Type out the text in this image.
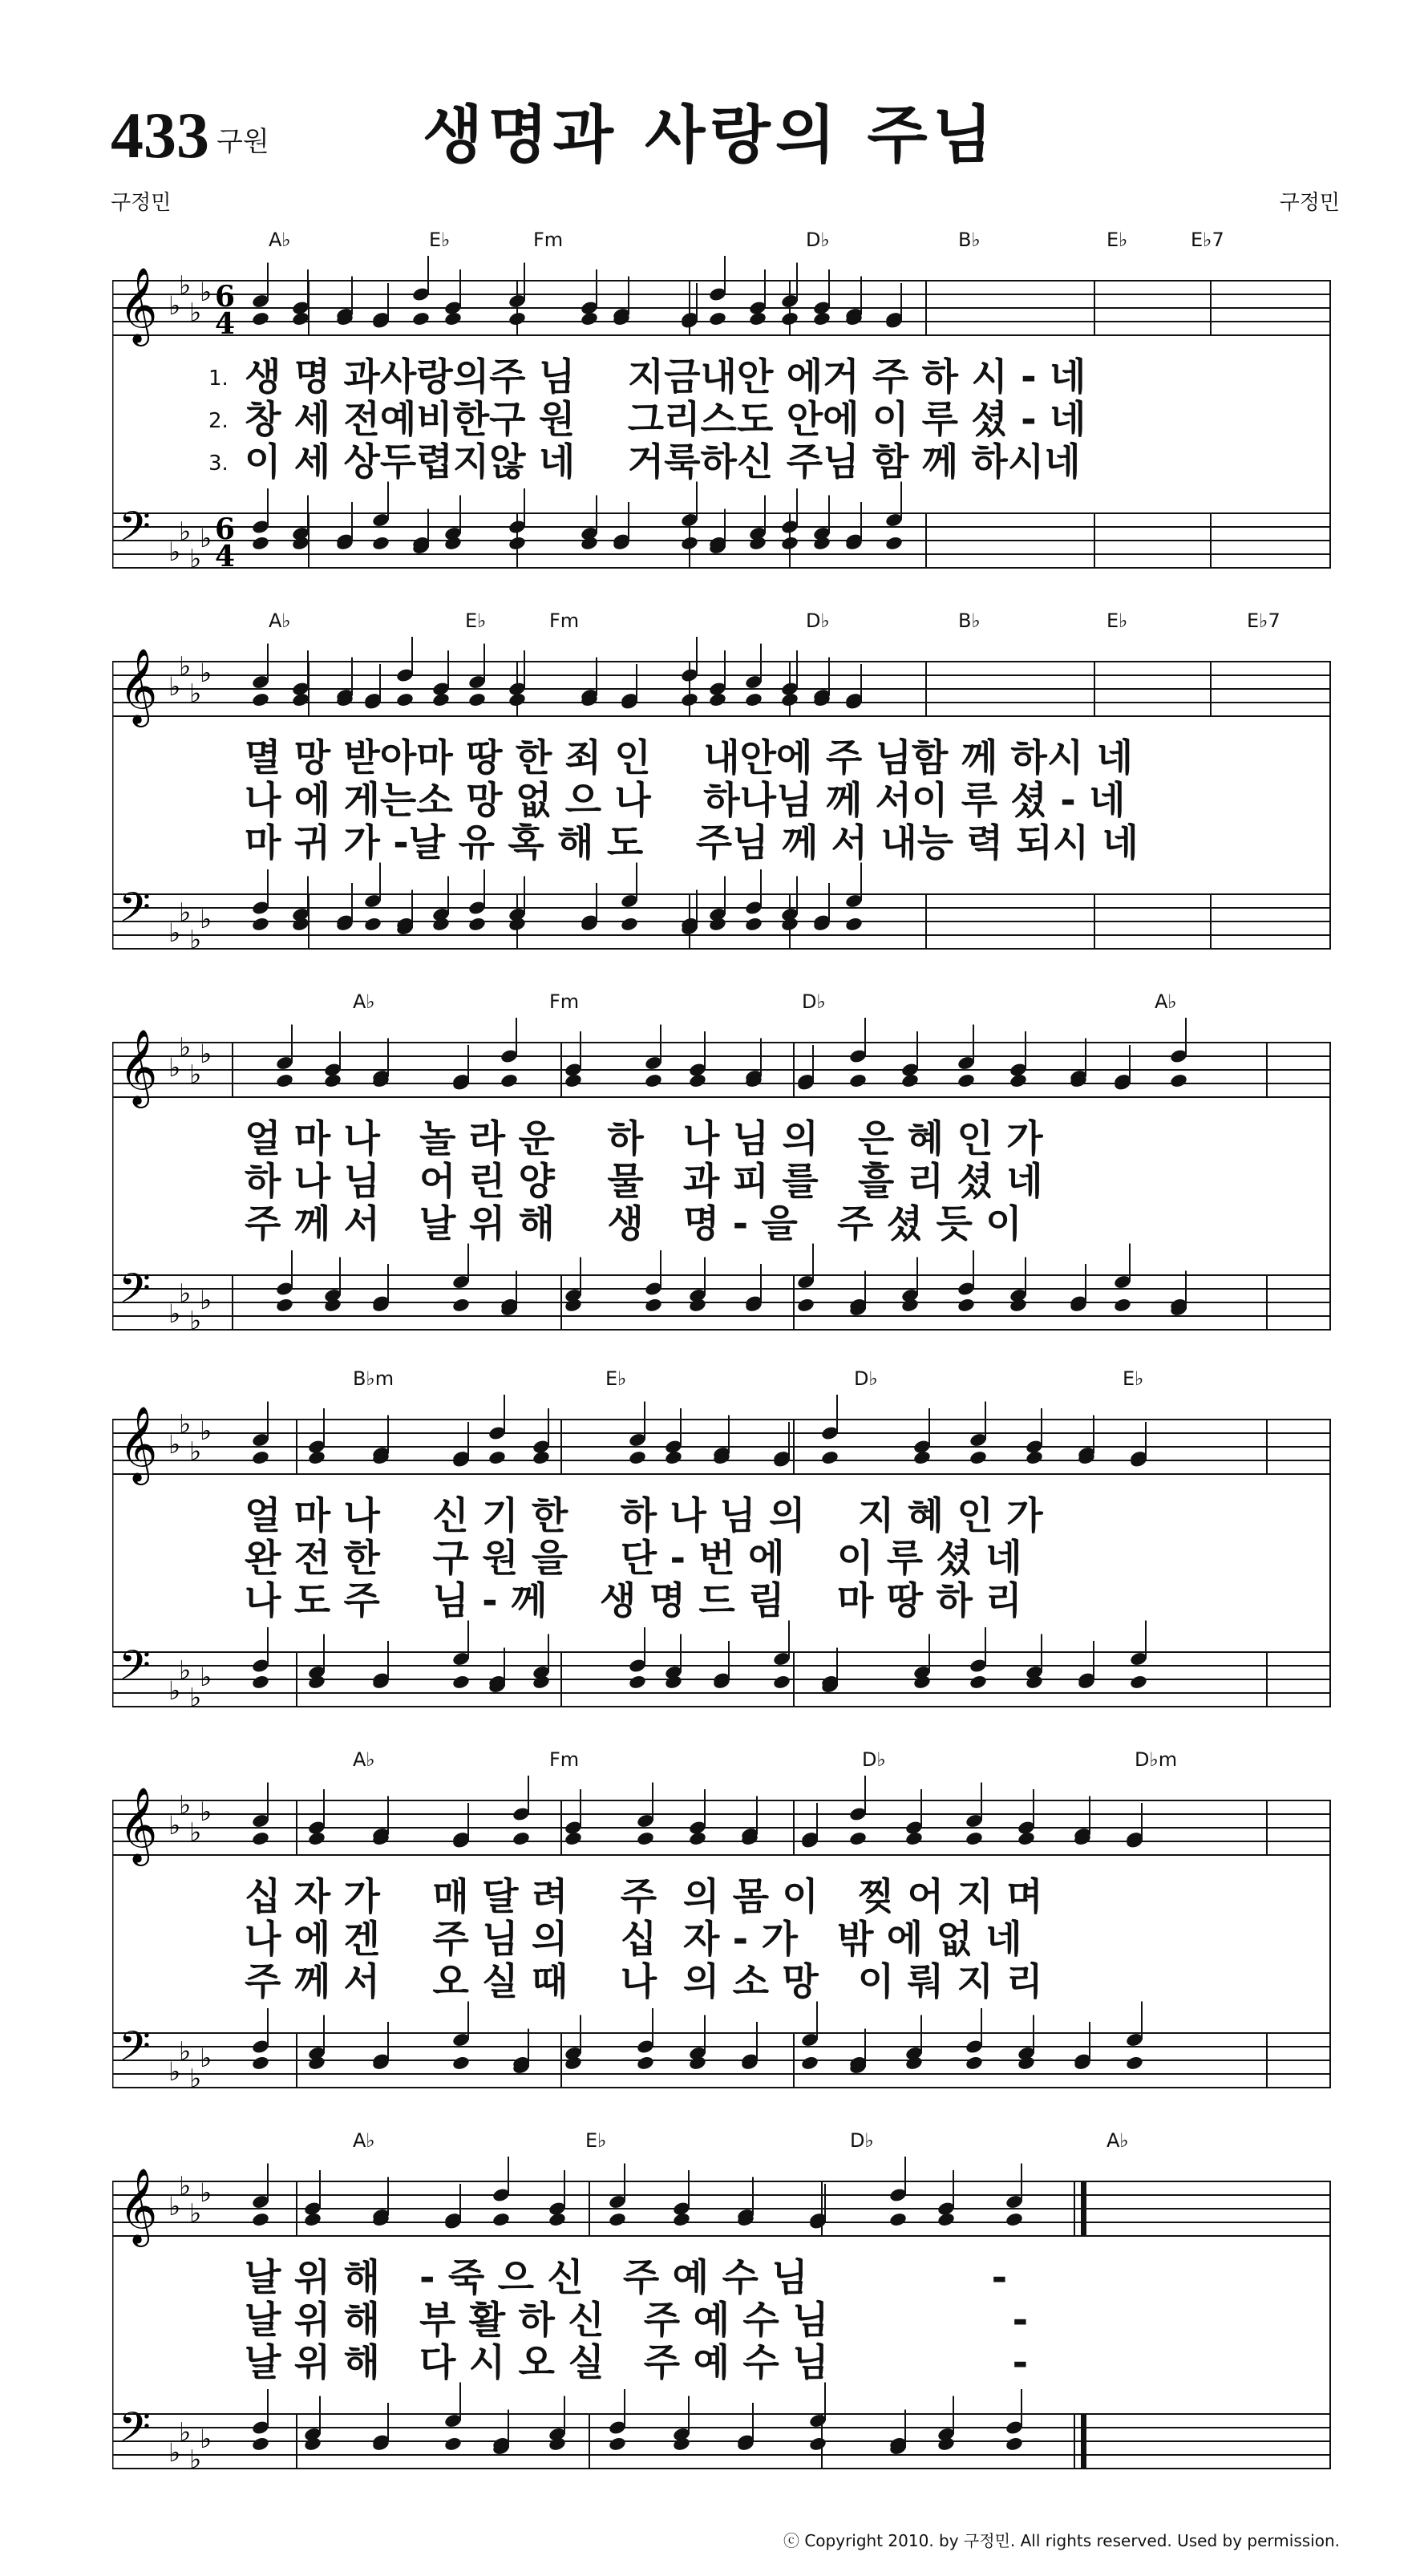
433 구원	생명과 사랑의 주님
구정민	구정민
𝄞
𝄢
♭
♭
♭
♭
♭
♭
♭
♭
6
4
6
4
A♭	E♭	Fm	D♭	B♭	E♭	E♭7
1. 생 명 과사랑의주 님    지금내안 에거 주 하 시 - 네
2. 창 세 전예비한구 원    그리스도 안에 이 루 셨 - 네
3. 이 세 상두렵지않 네    거룩하신 주님 함 께 하시네
𝄞
𝄢
♭
♭
♭
♭
♭
♭
♭
♭
A♭	E♭	Fm	D♭	B♭	E♭	E♭7
멸 망 받아마 땅 한 죄 인    내안에 주 님함 께 하시 네
나 에 게는소 망 없 으 나    하나님 께 서이 루 셨 - 네
마 귀 가 -날 유 혹 해 도    주님 께 서 내능 력 되시 네
𝄞
𝄢
♭
♭
♭
♭
♭
♭
♭
♭
A♭	Fm	D♭	A♭
얼 마 나   놀 라 운    하   나 님 의   은 혜 인 가
하 나 님   어 린 양    물   과 피 를   흘 리 셨 네
주 께 서   날 위 해    생   명 - 을   주 셨 듯 이
𝄞
𝄢
♭
♭
♭
♭
♭
♭
♭
♭
B♭m	E♭	D♭	E♭
얼 마 나    신 기 한    하 나 님 의    지 혜 인 가
완 전 한    구 원 을    단 - 번 에    이 루 셨 네
나 도 주    님 - 께    생 명 드 림    마 땅 하 리
𝄞
𝄢
♭
♭
♭
♭
♭
♭
♭
♭
A♭	Fm	D♭	D♭m
십 자 가    매 달 려    주  의 몸 이   찢 어 지 며
나 에 겐    주 님 의    십  자 - 가   밖 에 없 네
주 께 서    오 실 때    나  의 소 망   이 뤄 지 리
𝄞
𝄢
♭
♭
♭
♭
♭
♭
♭
♭
A♭	E♭	D♭	A♭
날 위 해   - 죽 으 신   주 예 수 님              -
날 위 해   부 활 하 신   주 예 수 님              -
날 위 해   다 시 오 실   주 예 수 님              -
ⓒ Copyright 2010. by 구정민. All rights reserved. Used by permission.
